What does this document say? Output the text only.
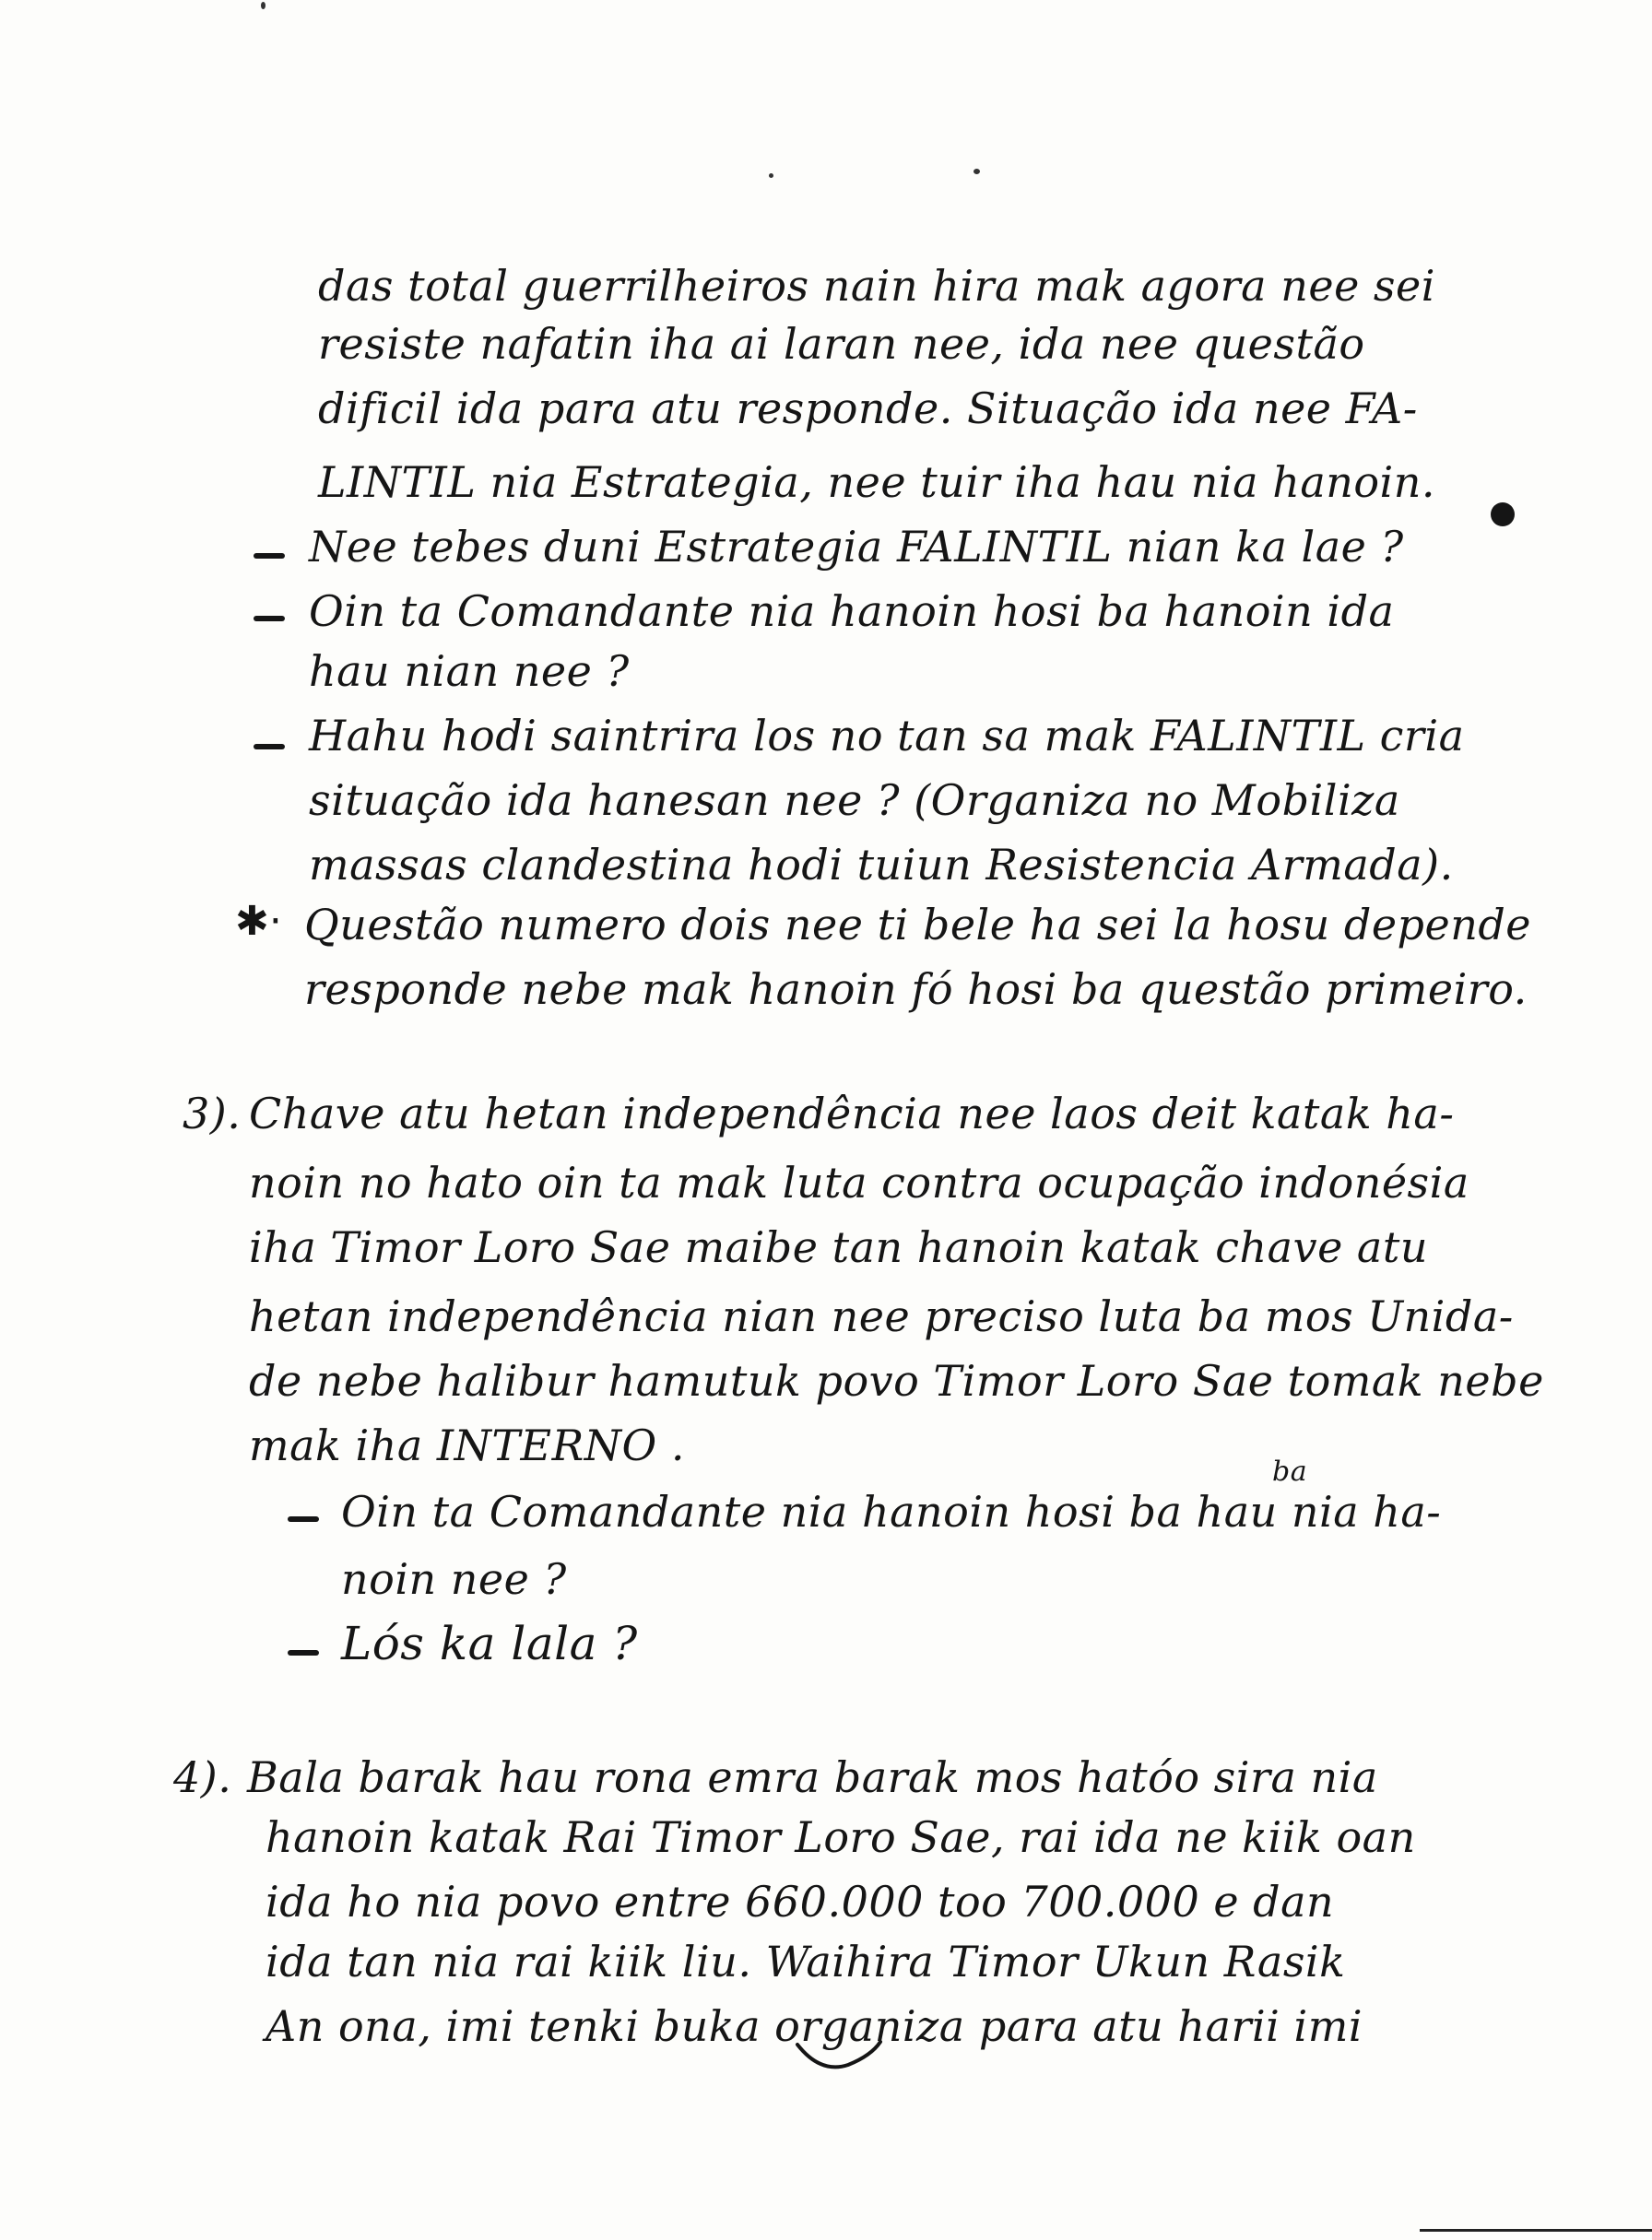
das total guerrilheiros nain hira mak agora nee sei
resiste nafatin iha ai laran nee, ida nee questão
dificil ida para atu responde. Situação ida nee FA-
LINTIL nia Estrategia, nee tuir iha hau nia hanoin.
Nee tebes duni Estrategia FALINTIL nian ka lae ?
Oin ta Comandante nia hanoin hosi ba hanoin ida
hau nian nee ?
Hahu hodi saintrira los no tan sa mak FALINTIL cria
situação ida hanesan nee ? (Organiza no Mobiliza
massas clandestina hodi tuiun Resistencia Armada).
✱· Questão numero dois nee ti bele ha sei la hosu depende
responde nebe mak hanoin fó hosi ba questão primeiro.
3). Chave atu hetan independência nee laos deit katak ha-
noin no hato oin ta mak luta contra ocupação indonésia
iha Timor Loro Sae maibe tan hanoin katak chave atu
hetan independência nian nee preciso luta ba mos Unida-
de nebe halibur hamutuk povo Timor Loro Sae tomak nebe
mak iha INTERNO .
Oin ta Comandante nia hanoin hosi ba hau nia ha-
ba
noin nee ?
Lós ka lala ?
4). Bala barak hau rona emra barak mos hatóo sira nia
hanoin katak Rai Timor Loro Sae, rai ida ne kiik oan
ida ho nia povo entre 660.000 too 700.000 e dan
ida tan nia rai kiik liu. Waihira Timor Ukun Rasik
An ona, imi tenki buka organiza para atu harii imi
